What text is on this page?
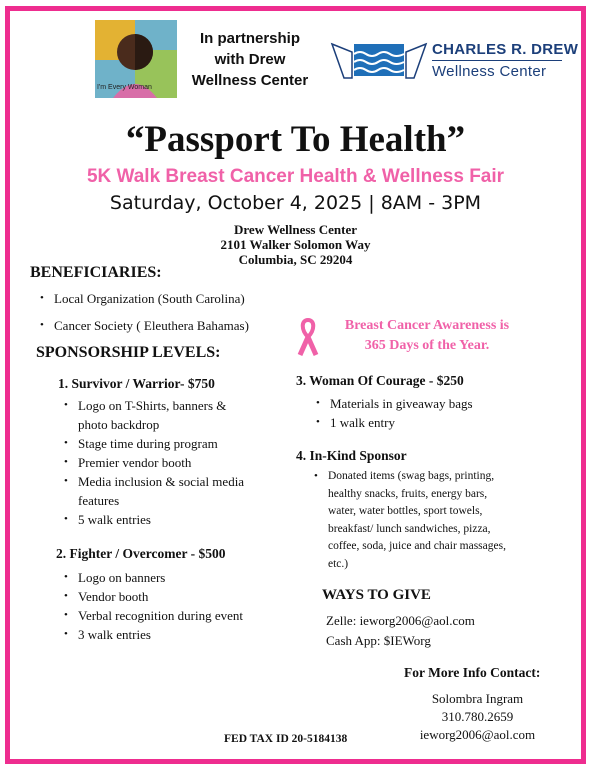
I'm Every Woman
In partnership
with Drew
Wellness Center
CHARLES R. DREW
Wellness Center
“Passport To Health”
5K Walk Breast Cancer Health & Wellness Fair
Saturday, October 4, 2025 | 8AM - 3PM
Drew Wellness Center
2101 Walker Solomon Way
Columbia, SC 29204
BENEFICIARIES:
• Local Organization (South Carolina)
• Cancer Society ( Eleuthera Bahamas)	Breast Cancer Awareness is
365 Days of the Year.
SPONSORSHIP LEVELS:
1. Survivor / Warrior- $750
• Logo on T-Shirts, banners & photo backdrop
• Stage time during program
• Premier vendor booth
• Media inclusion & social media features
• 5 walk entries
2. Fighter / Overcomer - $500
• Logo on banners
• Vendor booth
• Verbal recognition during event
• 3 walk entries
3. Woman Of Courage - $250
• Materials in giveaway bags
• 1 walk entry
4. In-Kind Sponsor
• Donated items (swag bags, printing, healthy snacks, fruits, energy bars, water, water bottles, sport towels, breakfast/ lunch sandwiches, pizza, coffee, soda, juice and chair massages, etc.)
WAYS TO GIVE
Zelle: ieworg2006@aol.com
Cash App: $IEWorg
For More Info Contact:
Solombra Ingram
310.780.2659
ieworg2006@aol.com
FED TAX ID 20-5184138
